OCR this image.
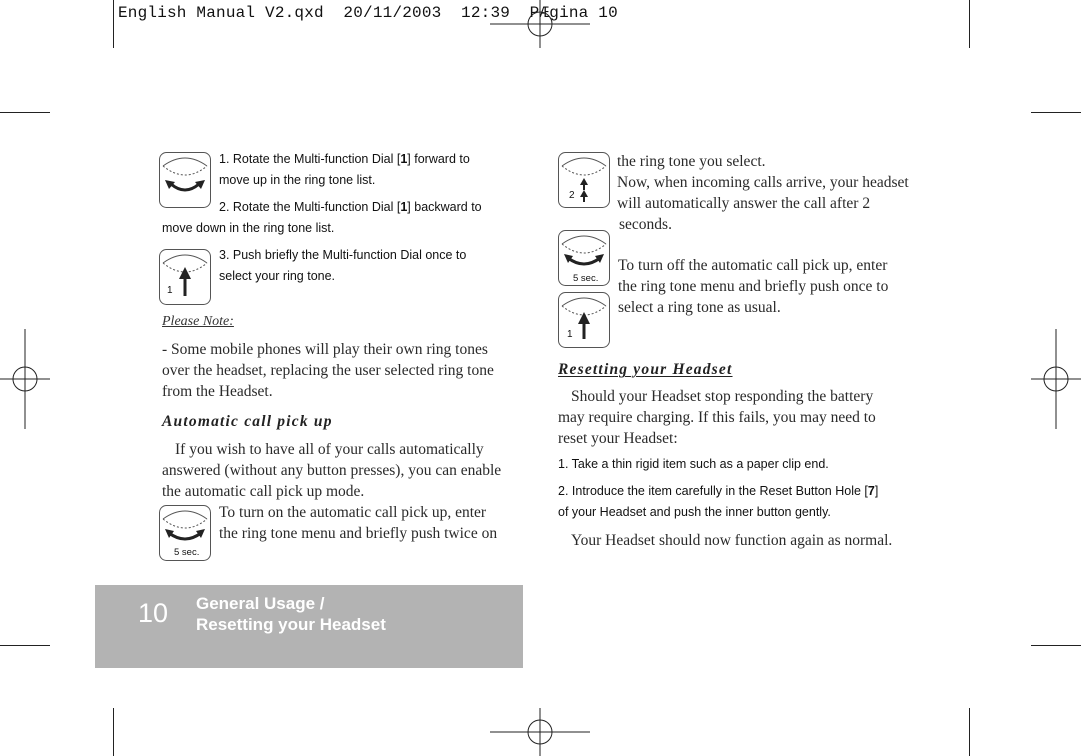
English Manual V2.qxd  20/11/2003  12:39  PÆgina 10
1. Rotate the Multi-function Dial [1] forward to
move up in the ring tone list.
2. Rotate the Multi-function Dial [1] backward to
move down in the ring tone list.
1
3. Push briefly the Multi-function Dial once to
select your ring tone.
Please Note:
- Some mobile phones will play their own ring tones
over the headset, replacing the user selected ring tone
from the Headset.
Automatic call pick up
If you wish to have all of your calls automatically
answered (without any button presses), you can enable
the automatic call pick up mode.
To turn on the automatic call pick up, enter
the ring tone menu and briefly push twice on
5 sec.
10 General Usage /
Resetting your Headset
2
the ring tone you select.
Now, when incoming calls arrive, your headset
will automatically answer the call after 2
seconds.
5 sec.
1
To turn off the automatic call pick up, enter
the ring tone menu and briefly push once to
select a ring tone as usual.
Resetting your Headset
Should your Headset stop responding the battery
may require charging. If this fails, you may need to
reset your Headset:
1. Take a thin rigid item such as a paper clip end.
2. Introduce the item carefully in the Reset Button Hole [7]
of your Headset and push the inner button gently.
Your Headset should now function again as normal.
